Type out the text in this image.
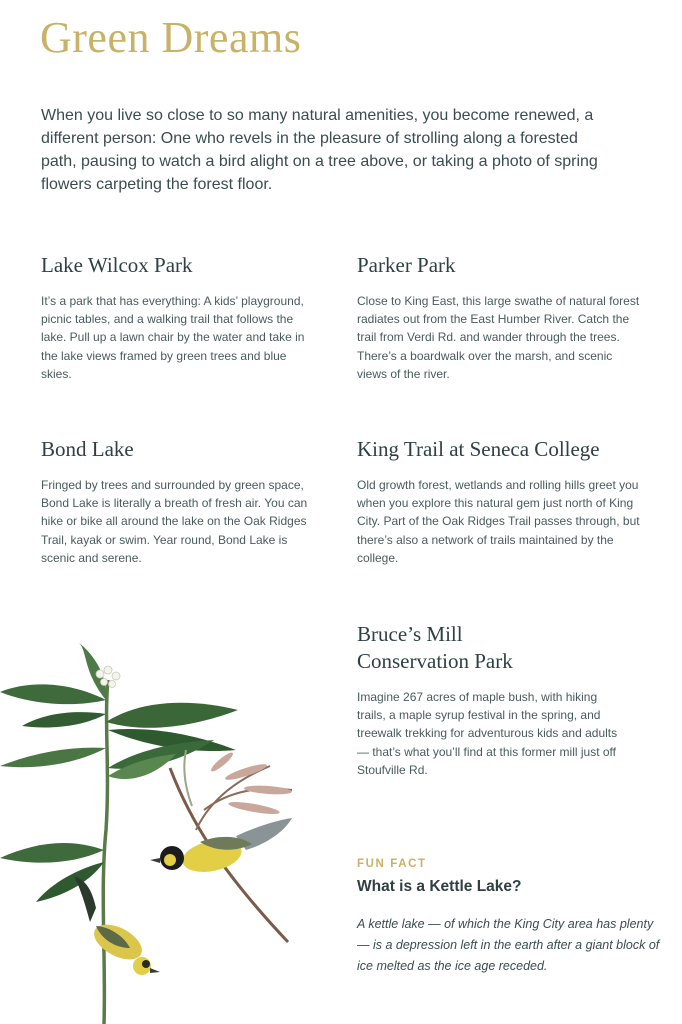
Green Dreams

When you live so close to so many natural amenities, you become renewed, a different person: One who revels in the pleasure of strolling along a forested path, pausing to watch a bird alight on a tree above, or taking a photo of spring flowers carpeting the forest floor.

Lake Wilcox Park

It’s a park that has everything: A kids’ playground, picnic tables, and a walking trail that follows the lake. Pull up a lawn chair by the water and take in the lake views framed by green trees and blue skies.

Parker Park

Close to King East, this large swathe of natural forest radiates out from the East Humber River. Catch the trail from Verdi Rd. and wander through the trees. There’s a boardwalk over the marsh, and scenic views of the river.

Bond Lake

Fringed by trees and surrounded by green space, Bond Lake is literally a breath of fresh air. You can hike or bike all around the lake on the Oak Ridges Trail, kayak or swim. Year round, Bond Lake is scenic and serene.

King Trail at Seneca College

Old growth forest, wetlands and rolling hills greet you when you explore this natural gem just north of King City. Part of the Oak Ridges Trail passes through, but there’s also a network of trails maintained by the college.

Bruce’s Mill Conservation Park

Imagine 267 acres of maple bush, with hiking trails, a maple syrup festival in the spring, and treewalk trekking for adventurous kids and adults — that’s what you’ll find at this former mill just off Stoufville Rd.

FUN FACT
What is a Kettle Lake?

A kettle lake — of which the King City area has plenty — is a depression left in the earth after a giant block of ice melted as the ice age receded.
